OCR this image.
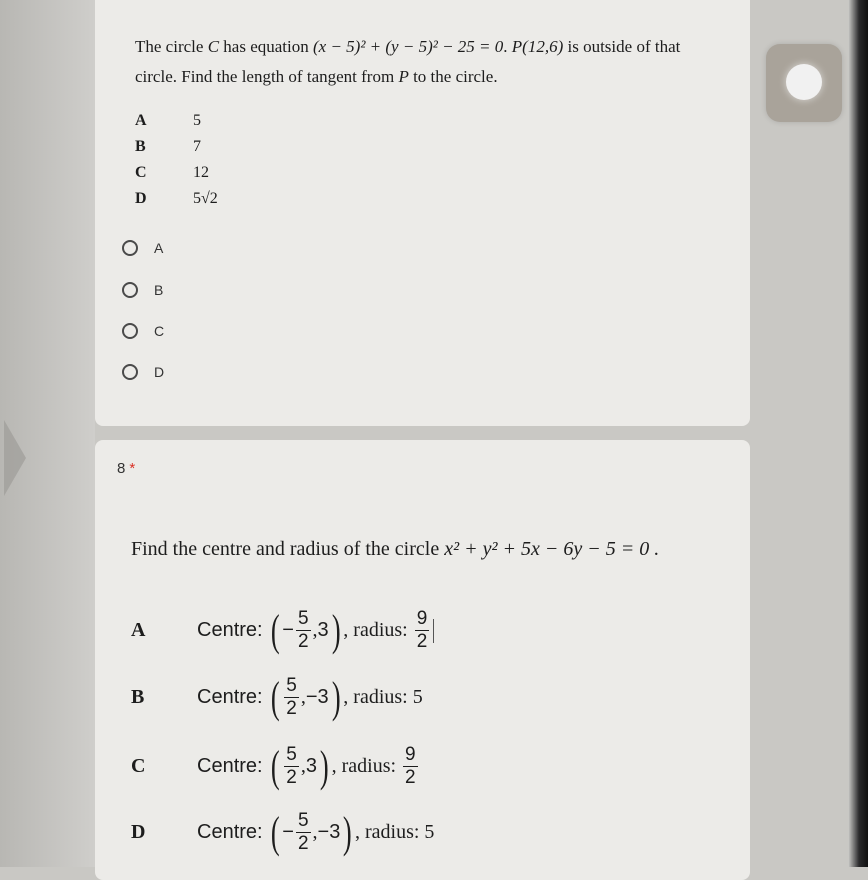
The circle C has equation (x − 5)² + (y − 5)² − 25 = 0. P(12,6) is outside of that
circle. Find the length of tangent from P to the circle.
A	5
B	7
C	12
D	5√2
A
B
C
D
8 *
Find the centre and radius of the circle x² + y² + 5x − 6y − 5 = 0 .
A	Centre:
( − $\frac{5}{2}$ , 3 ) , radius:
$\frac{9}{2}$
B	Centre:
( $\frac{5}{2}$ , −3 ) , radius:
5
C	Centre:
( $\frac{5}{2}$ , 3 ) , radius:
$\frac{9}{2}$
D	Centre:
( − $\frac{5}{2}$ , −3 ) , radius:
5
